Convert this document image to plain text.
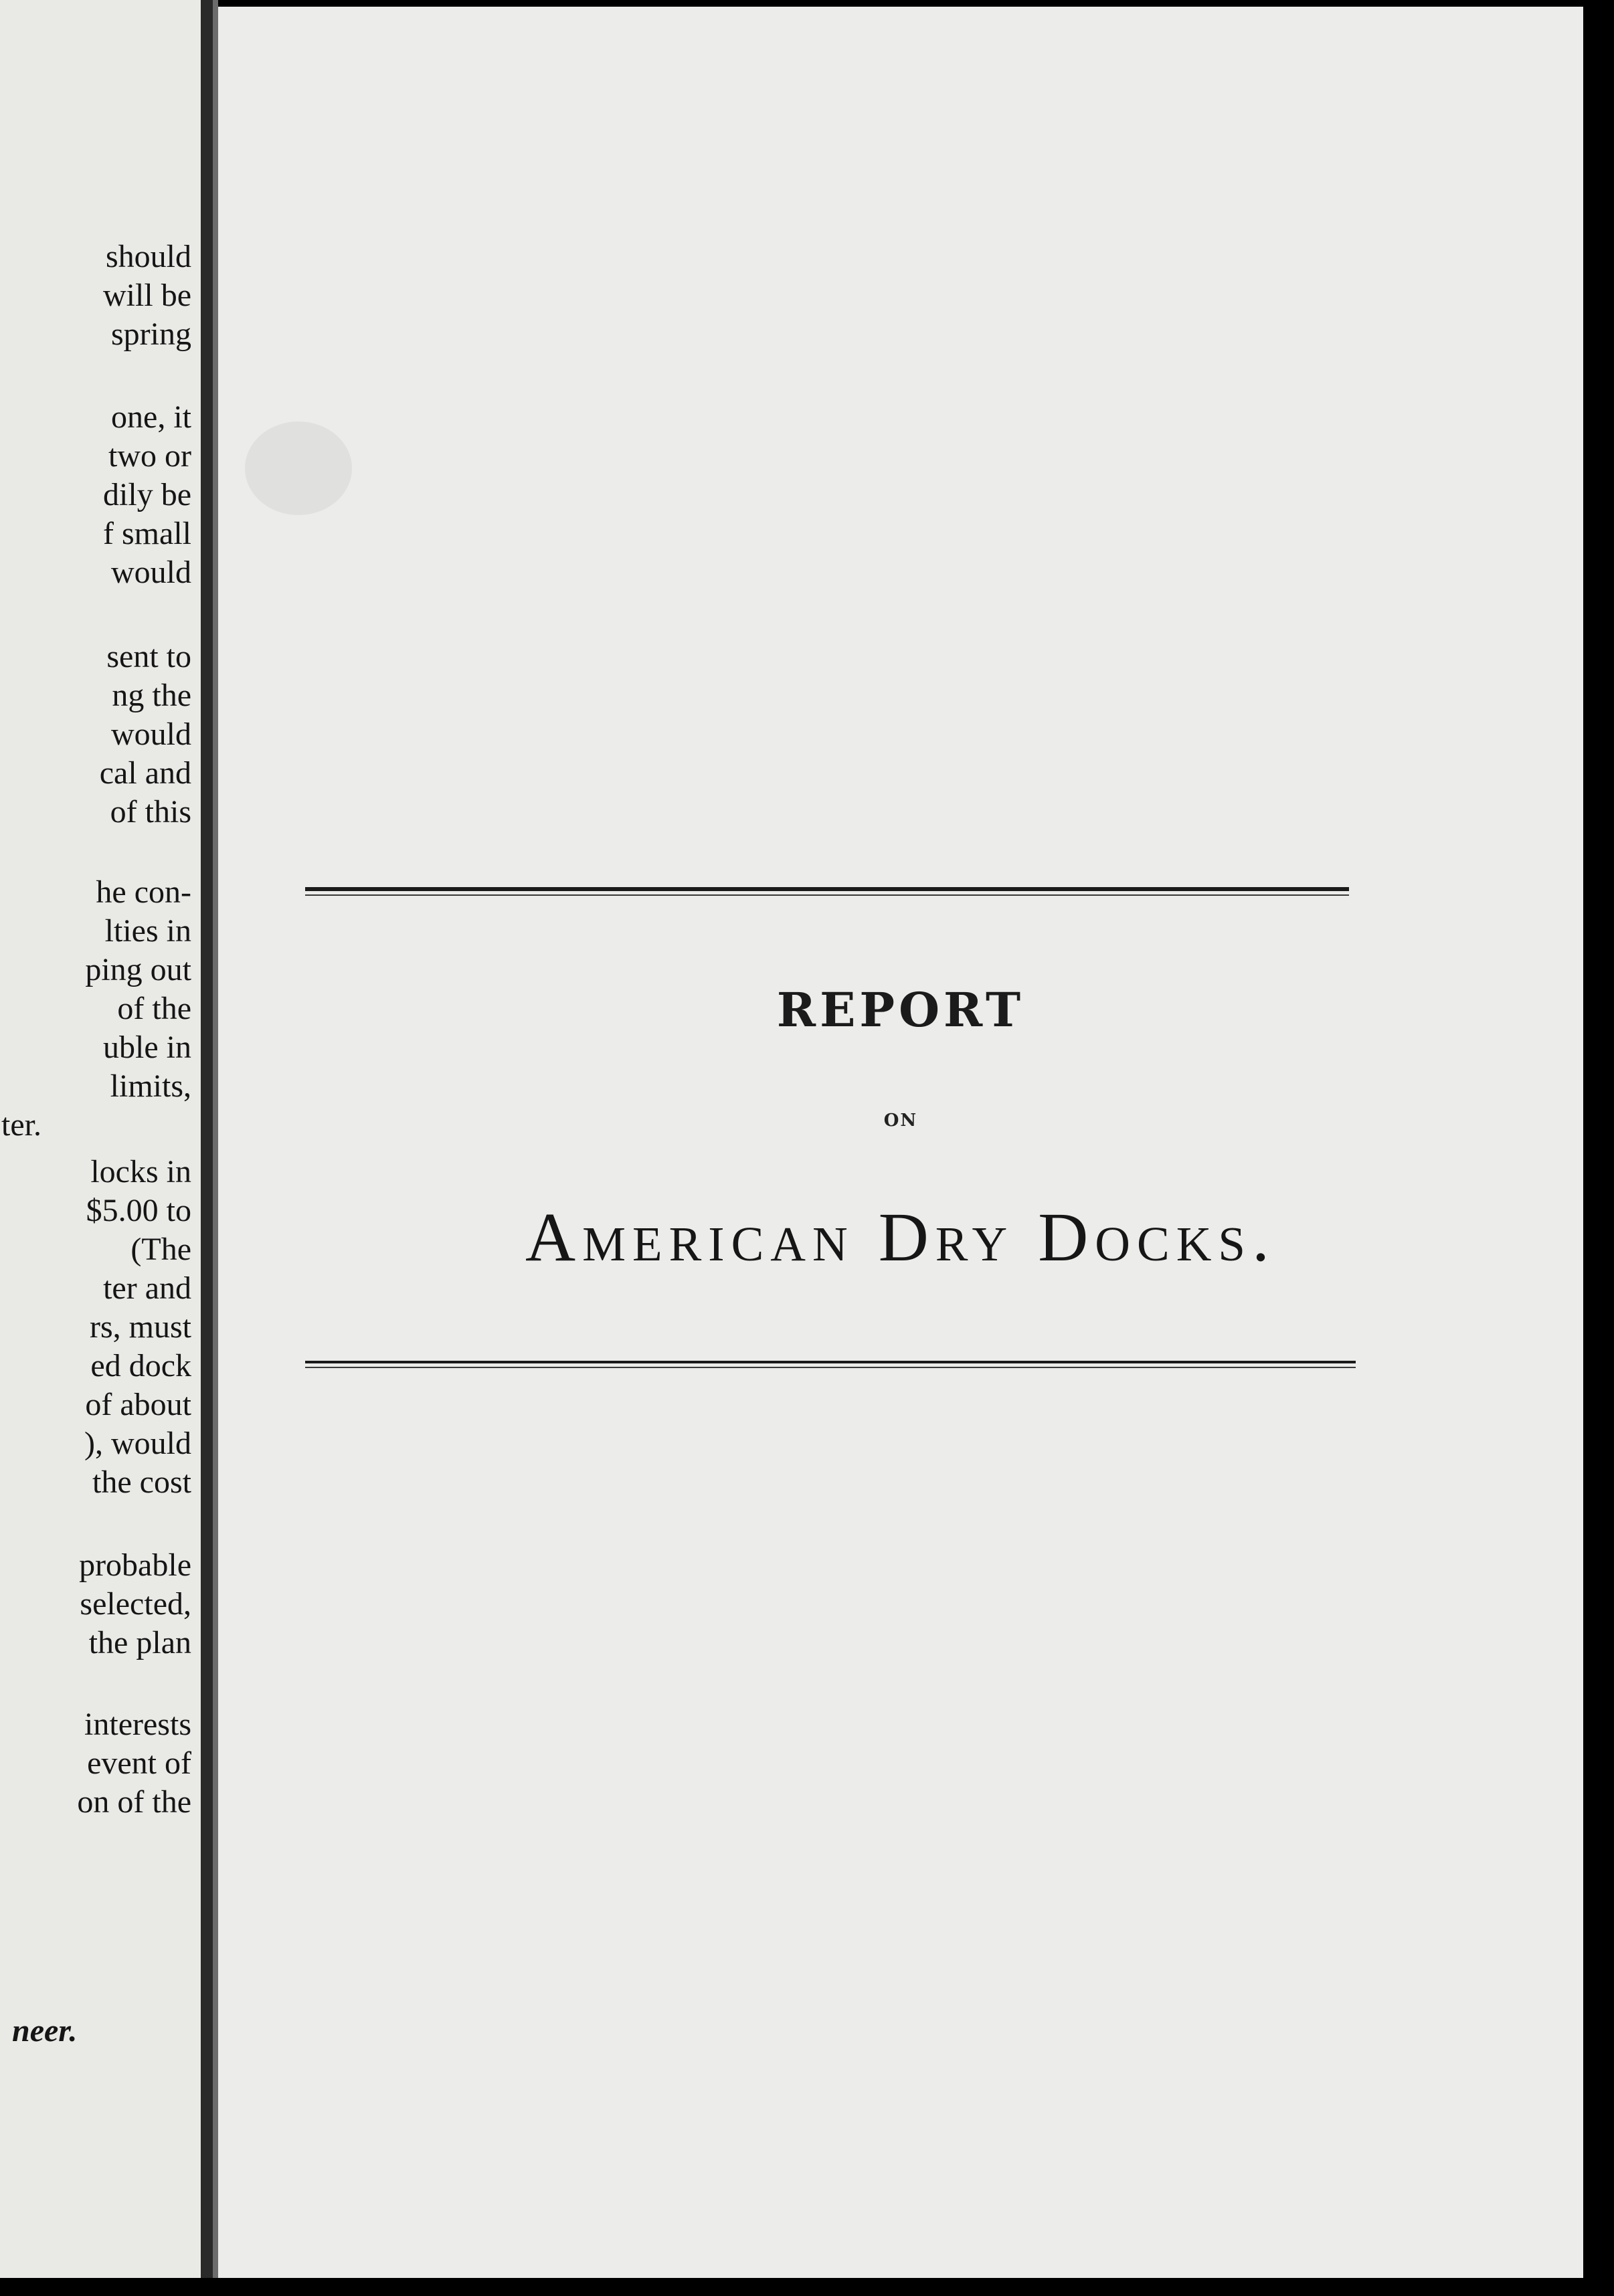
should
will be
spring
one, it
two or
dily be
f small
would
sent to
ng the
would
cal and
of this
he con-
lties in
ping out
of the
uble in
limits,
ter.
locks in
$5.00 to
(The
ter and
rs, must
ed dock
of about
), would
the cost
probable
selected,
the plan
interests
event of
on of the
neer.
REPORT
ON
American Dry Docks.
